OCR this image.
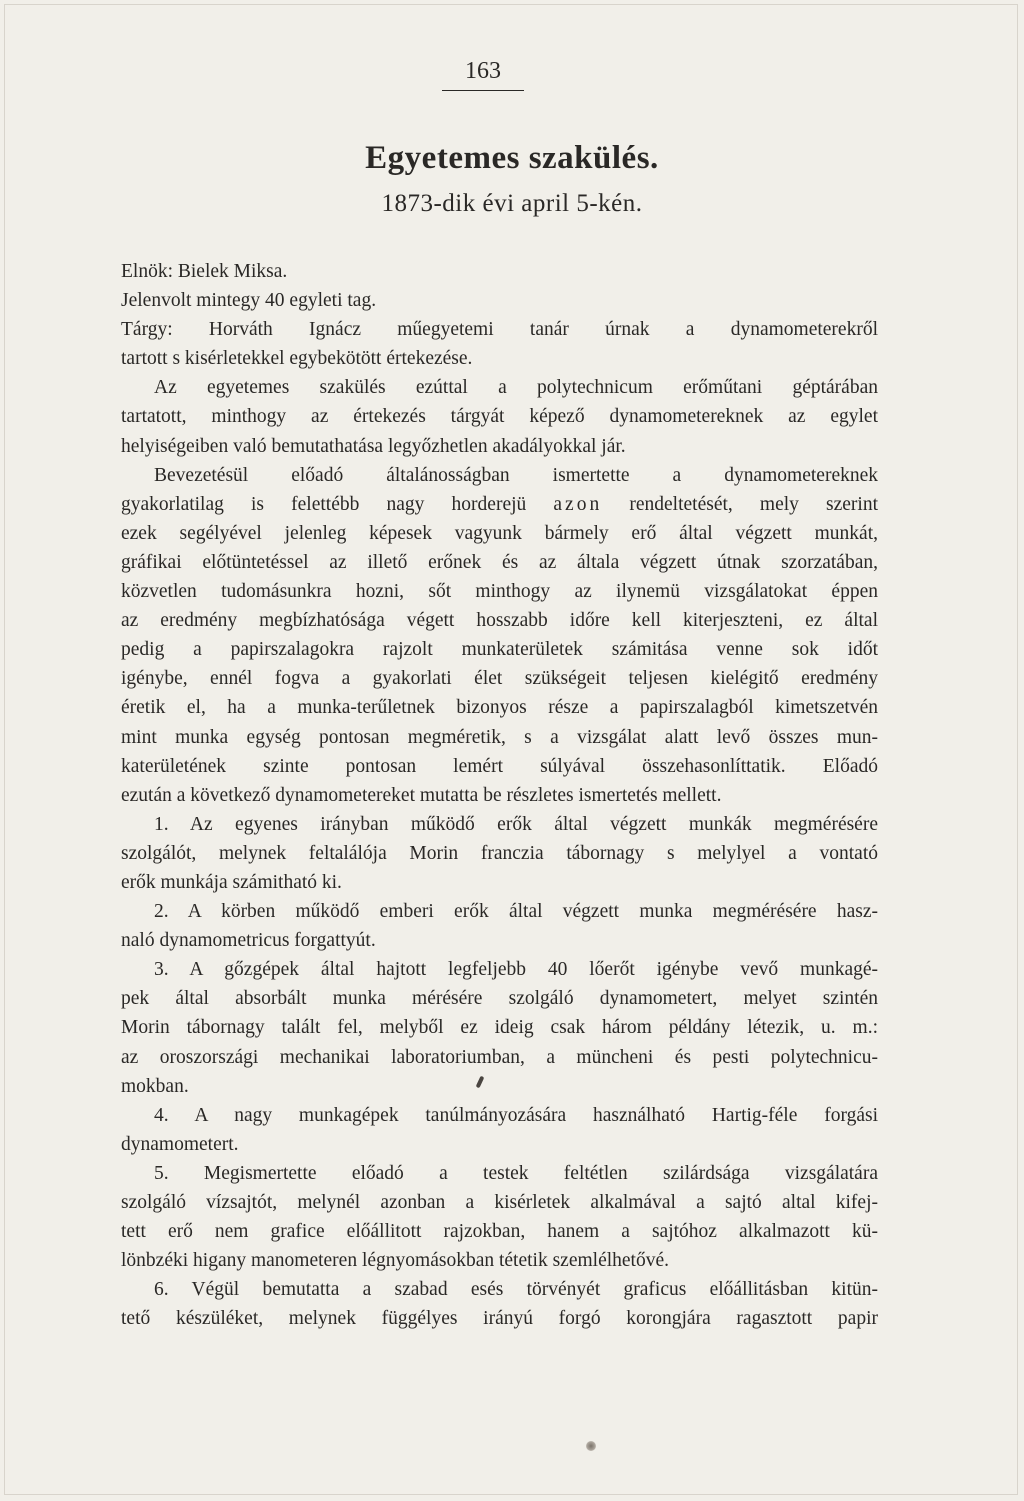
163
Egyetemes szakülés.
1873-dik évi april 5-kén.

Elnök: Bielek Miksa.

Jelenvolt mintegy 40 egyleti tag.

Tárgy: Horváth Ignácz műegyetemi tanár úrnak a dynamometerekről

tartott s kisérletekkel egybekötött értekezése.

Az egyetemes szakülés ezúttal a polytechnicum erőműtani géptárában

tartatott, minthogy az értekezés tárgyát képező dynamometereknek az egylet

helyiségeiben való bemutathatása legyőzhetlen akadályokkal jár.

Bevezetésül előadó általánosságban ismertette a dynamometereknek

gyakorlatilag is felettébb nagy horderejü azon rendeltetését, mely szerint

ezek segélyével jelenleg képesek vagyunk bármely erő által végzett munkát,

gráfikai előtüntetéssel az illető erőnek és az általa végzett útnak szorzatában,

közvetlen tudomásunkra hozni, sőt minthogy az ilynemü vizsgálatokat éppen

az eredmény megbízhatósága végett hosszabb időre kell kiterjeszteni, ez által

pedig a papirszalagokra rajzolt munkaterületek számitása venne sok időt

igénybe, ennél fogva a gyakorlati élet szükségeit teljesen kielégitő eredmény

éretik el, ha a munka-terűletnek bizonyos része a papirszalagból kimetszetvén

mint munka egység pontosan megméretik, s a vizsgálat alatt levő összes mun-

katerületének szinte pontosan lemért súlyával összehasonlíttatik. Előadó

ezután a következő dynamometereket mutatta be részletes ismertetés mellett.

1. Az egyenes irányban működő erők által végzett munkák megmérésére

szolgálót, melynek feltalálója Morin franczia tábornagy s melylyel a vontató

erők munkája számitható ki.

2. A körben működő emberi erők által végzett munka megmérésére hasz-

naló dynamometricus forgattyút.

3. A gőzgépek által hajtott legfeljebb 40 lőerőt igénybe vevő munkagé-

pek által absorbált munka mérésére szolgáló dynamometert, melyet szintén

Morin tábornagy talált fel, melyből ez ideig csak három példány létezik, u. m.:

az oroszországi mechanikai laboratoriumban, a müncheni és pesti polytechnicu-

mokban.

4. A nagy munkagépek tanúlmányozására használható Hartig-féle forgási

dynamometert.

5. Megismertette előadó a testek feltétlen szilárdsága vizsgálatára

szolgáló vízsajtót, melynél azonban a kisérletek alkalmával a sajtó altal kifej-

tett erő nem grafice előállitott rajzokban, hanem a sajtóhoz alkalmazott kü-

lönbzéki higany manometeren légnyomásokban tétetik szemlélhetővé.

6. Végül bemutatta a szabad esés törvényét graficus előállitásban kitün-

tető készüléket, melynek függélyes irányú forgó korongjára ragasztott papir
